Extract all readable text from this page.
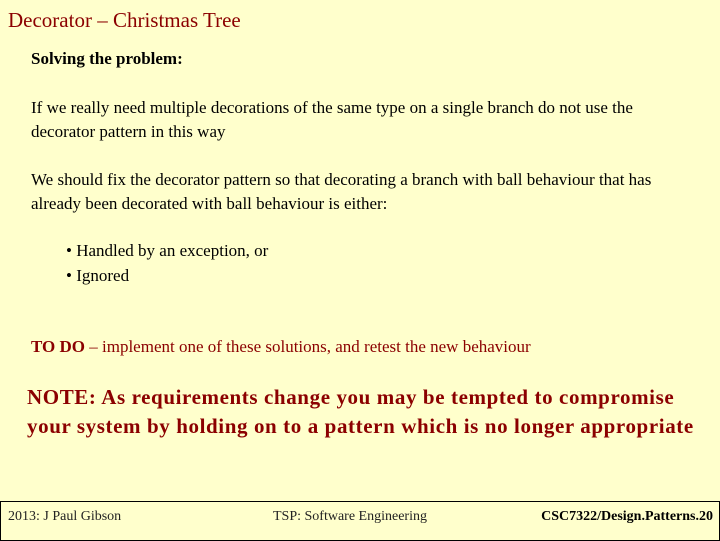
Decorator – Christmas Tree
Solving the problem:
If we really need multiple decorations of the same type on a single branch do not use the decorator pattern in this way
We should fix the decorator pattern so that decorating a branch with ball behaviour that has already been decorated with ball behaviour is either:
• Handled by an exception, or
• Ignored
TO DO – implement one of these solutions, and retest the new behaviour
NOTE: As requirements change you may be tempted to compromise your system by holding on to a pattern which is no longer appropriate
2013: J Paul Gibson	TSP: Software Engineering	CSC7322/Design.Patterns.20
